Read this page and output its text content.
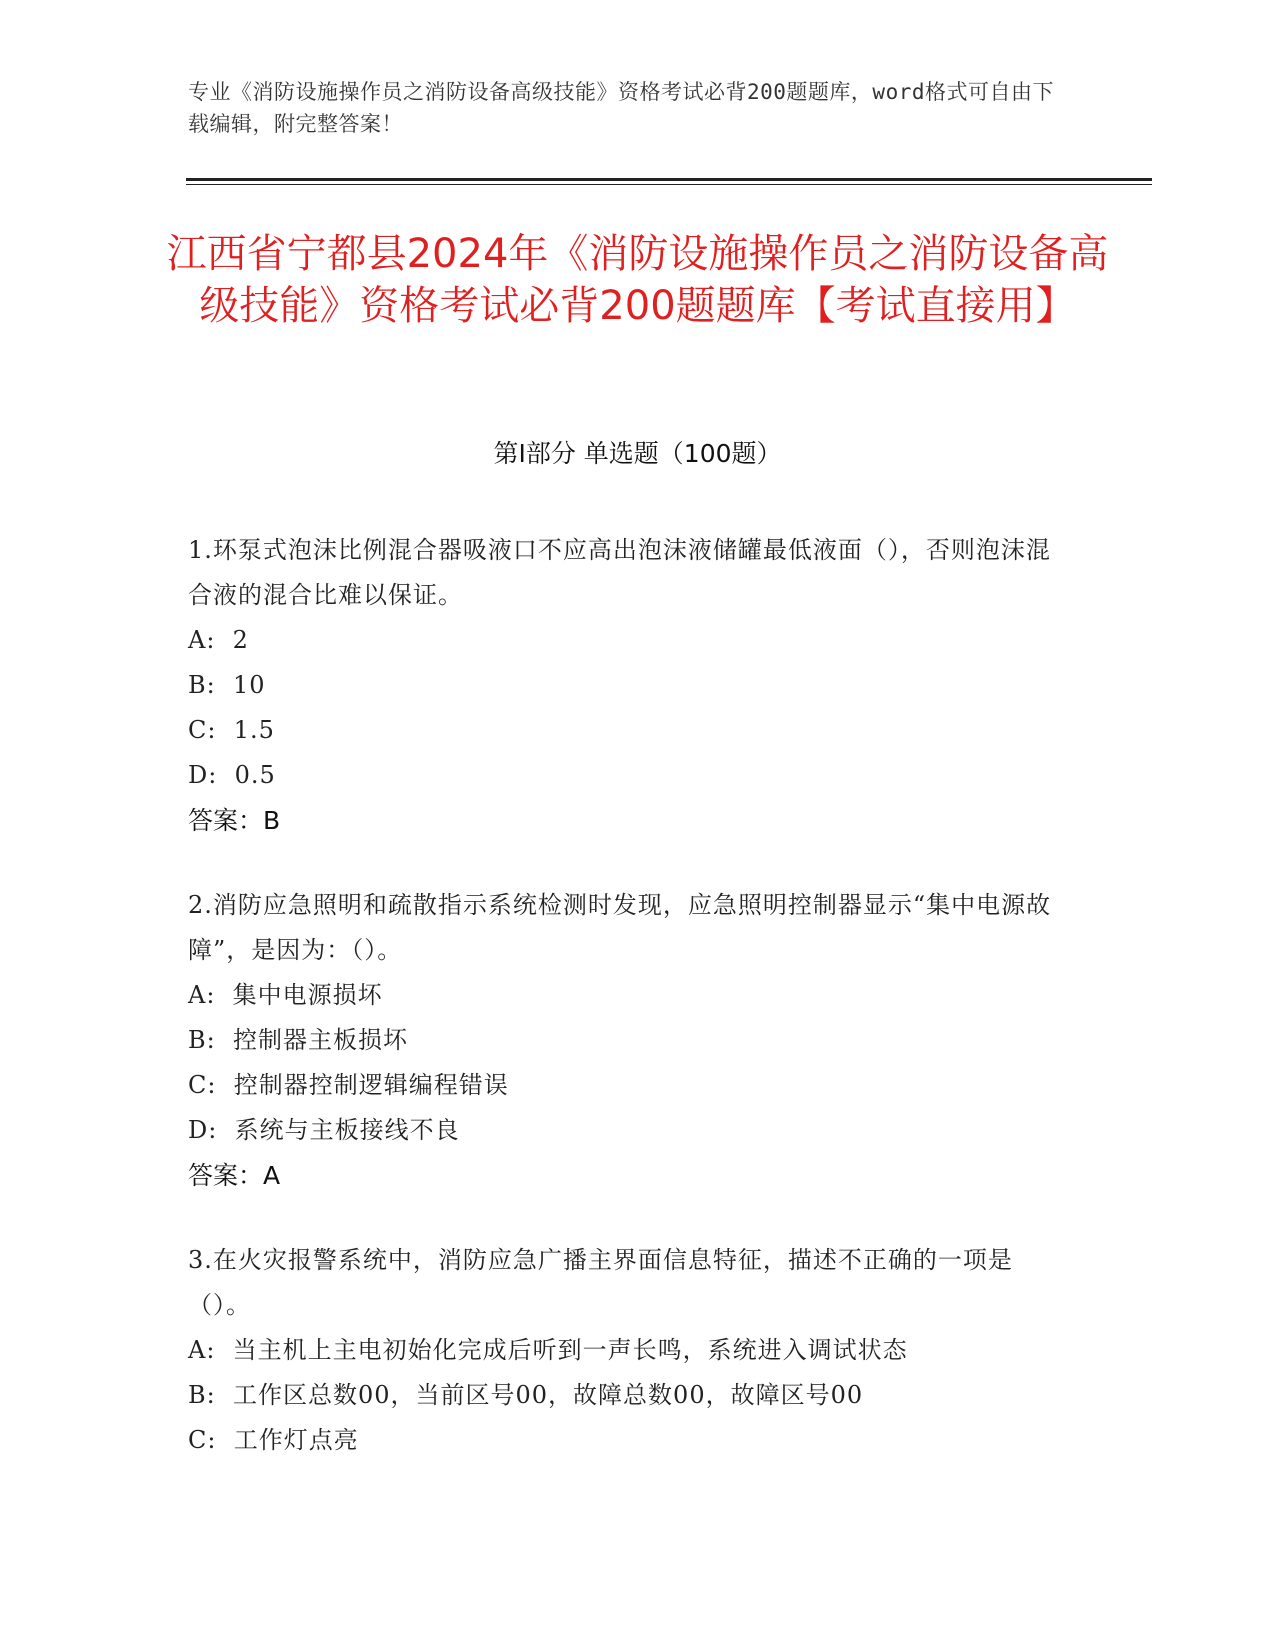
专业《消防设施操作员之消防设备高级技能》资格考试必背200题题库，word格式可自由下载编辑，附完整答案！
江西省宁都县2024年《消防设施操作员之消防设备高级技能》资格考试必背200题题库【考试直接用】
第I部分 单选题（100题）
1.环泵式泡沫比例混合器吸液口不应高出泡沫液储罐最低液面（），否则泡沫混合液的混合比难以保证。
A:  2
B:  10
C:  1.5
D:  0.5
答案：B
2.消防应急照明和疏散指示系统检测时发现，应急照明控制器显示“集中电源故障”，是因为：（）。
A:  集中电源损坏
B:  控制器主板损坏
C:  控制器控制逻辑编程错误
D:  系统与主板接线不良
答案：A
3.在火灾报警系统中，消防应急广播主界面信息特征，描述不正确的一项是（）。
A:  当主机上主电初始化完成后听到一声长鸣，系统进入调试状态
B:  工作区总数00，当前区号00，故障总数00，故障区号00
C:  工作灯点亮
